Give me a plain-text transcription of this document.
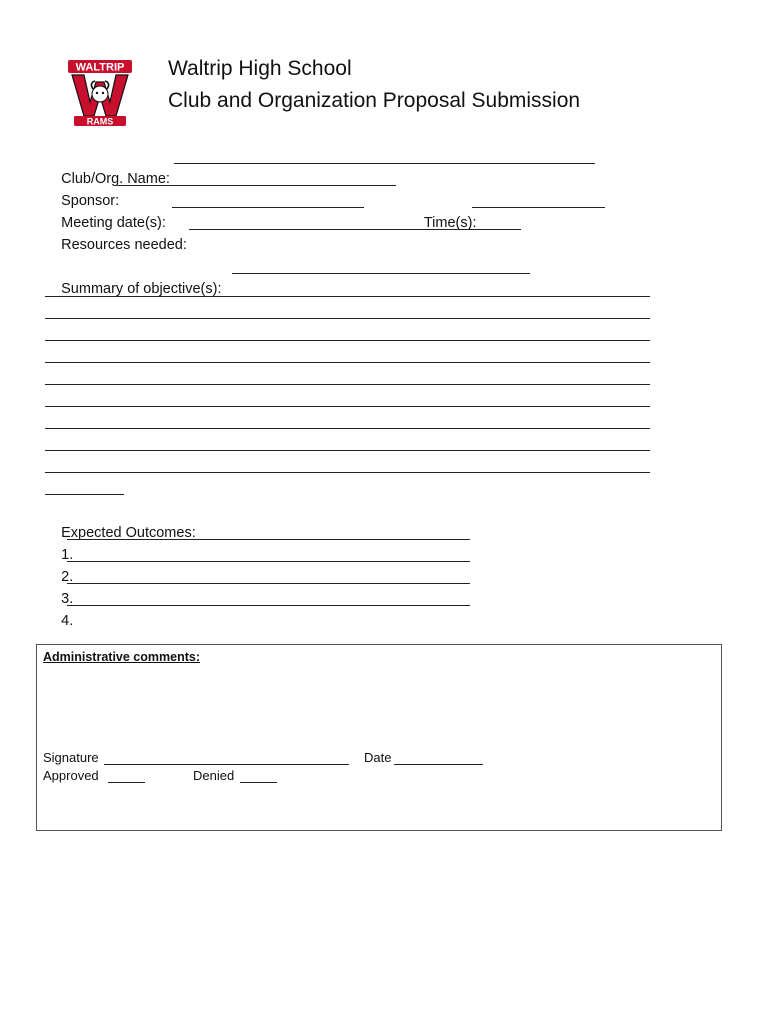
WALTRIP
RAMS
Waltrip High School
Club and Organization Proposal Submission

Club/Org. Name:

Sponsor:

Meeting date(s):
	Time(s):

Resources needed:

Summary of objective(s):

Expected Outcomes:

1.

2.

3.

4.

Administrative comments:
Signature	Date
Approved	Denied
